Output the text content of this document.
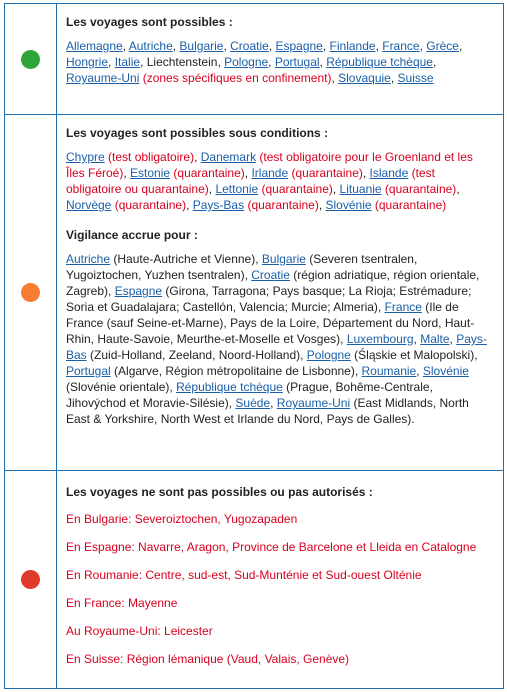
Les voyages sont possibles :

Allemagne, Autriche, Bulgarie, Croatie, Espagne, Finlande, France, Grèce, Hongrie, Italie, Liechtenstein, Pologne, Portugal, République tchèque, Royaume-Uni (zones spécifiques en confinement), Slovaquie, Suisse

Les voyages sont possibles sous conditions :

Chypre (test obligatoire), Danemark (test obligatoire pour le Groenland et les Îles Féroé), Estonie (quarantaine), Irlande (quarantaine), Islande (test obligatoire ou quarantaine), Lettonie (quarantaine), Lituanie (quarantaine), Norvège (quarantaine), Pays-Bas (quarantaine), Slovénie (quarantaine)

Vigilance accrue pour :

Autriche (Haute-Autriche et Vienne), Bulgarie (Severen tsentralen, Yugoiztochen, Yuzhen tsentralen), Croatie (région adriatique, région orientale, Zagreb), Espagne (Girona, Tarragona; Pays basque; La Rioja; Estrémadure; Soria et Guadalajara; Castellón, Valencia; Murcie; Almeria), France (Ile de France (sauf Seine-et-Marne), Pays de la Loire, Département du Nord, Haut-Rhin, Haute-Savoie, Meurthe-et-Moselle et Vosges), Luxembourg, Malte, Pays-Bas (Zuid-Holland, Zeeland, Noord-Holland), Pologne (Śląskie et Malopolski), Portugal (Algarve, Région métropolitaine de Lisbonne), Roumanie, Slovénie (Slovénie orientale), République tchèque (Prague, Bohême-Centrale, Jihovýchod et Moravie-Silésie), Suède, Royaume-Uni (East Midlands, North East & Yorkshire, North West et Irlande du Nord, Pays de Galles).

Les voyages ne sont pas possibles ou pas autorisés :
En Bulgarie: Severoiztochen, Yugozapaden
En Espagne: Navarre, Aragon, Province de Barcelone et Lleida en Catalogne
En Roumanie: Centre, sud-est, Sud-Munténie et Sud-ouest Olténie
En France: Mayenne
Au Royaume-Uni: Leicester
En Suisse: Région lémanique (Vaud, Valais, Genève)
